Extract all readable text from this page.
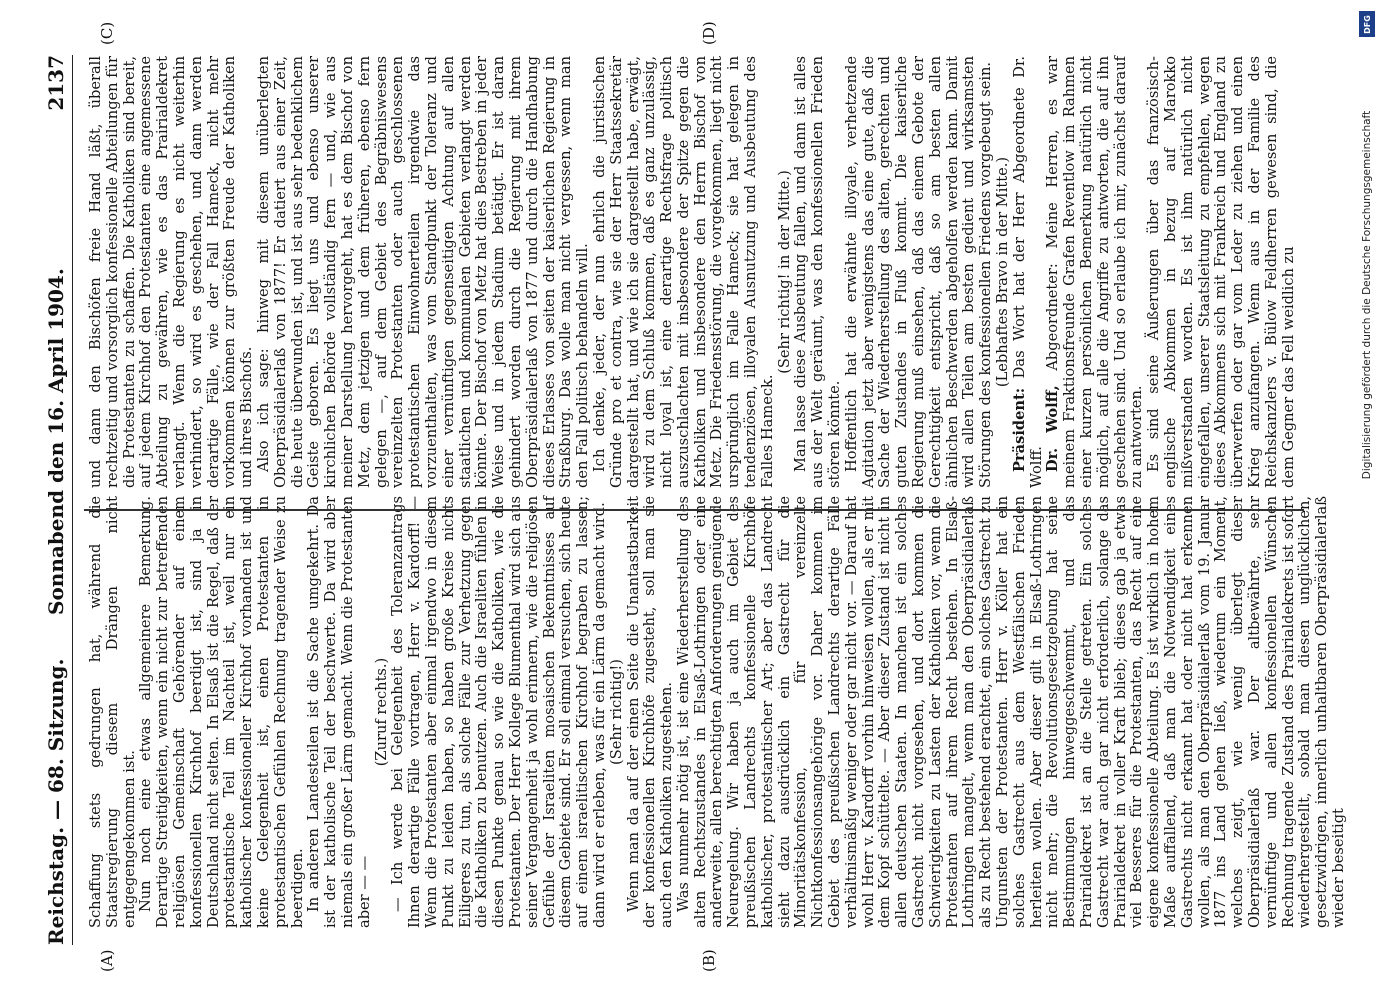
Reichstag. — 68. Sitzung.
Sonnabend den 16. April 1904.
2137
(A)	(B)
(C)	(D)

Schaffung stets gedrungen hat, während die Staatsregierung diesem Drängen nicht entgegengekommen ist. Nun noch eine etwas allgemeinere Bemerkung. Derartige Streitigkeiten, wenn ein nicht zur betreffenden religiösen Gemeinschaft Gehörender auf einem konfessionellen Kirchhof beerdigt ist, sind ja in Deutschland nicht selten. In Elsaß ist die Regel, daß der protestantische Teil im Nachteil ist, weil nur ein katholischer konfessioneller Kirchhof vorhanden ist und keine Gelegenheit ist, einen Protestanten in protestantischen Gefühlen Rechnung tragender Weise zu beerdigen. In anderen Landesteilen ist die Sache umgekehrt. Da ist der katholische Teil der beschwerte. Da wird aber niemals ein großer Lärm gemacht. Wenn die Protestanten aber — —

(Zuruf rechts.) — Ich werde bei Gelegenheit des Toleranzantrags Ihnen derartige Fälle vortragen, Herr v. Kardorff! — Wenn die Protestanten aber einmal irgendwo in diesem Punkt zu leiden haben, so haben große Kreise nichts Eiligeres zu tun, als solche Fälle zur Verhetzung gegen die Katholiken zu benutzen. Auch die Israeliten fühlen in diesen Punkte genau so wie die Katholiken, wie die Protestanten. Der Herr Kollege Blumenthal wird sich aus seiner Vergangenheit ja wohl erinnern, wie die religiösen Gefühle der Israeliten mosaischen Bekenntnisses auf diesem Gebiete sind. Er soll einmal versuchen, sich heute auf einem israelitischen Kirchhof begraben zu lassen; dann wird er erleben, was für ein Lärm da gemacht wird. (Sehr richtig!) Wenn man da auf der einen Seite die Unantastbarkeit der konfessionellen Kirchhöfe zugesteht, soll man sie auch den Katholiken zugestehen. Was nunmehr nötig ist, ist eine Wiederherstellung des alten Rechtszustandes in Elsaß-Lothringen oder eine anderweite, allen berechtigten Anforderungen genügende Neuregelung. Wir haben ja auch im Gebiet des preußischen Landrechts konfessionelle Kirchhöfe katholischer, protestantischer Art; aber das Landrecht sieht dazu ausdrücklich ein Gastrecht für die Minoritätskonfession, für vereinzelte Nichtkonfessionsangehörige vor. Daher kommen im Gebiet des preußischen Landrechts derartige Fälle verhältnismäßig weniger oder gar nicht vor. — Darauf hat wohl Herr v. Kardorff vorhin hinweisen wollen, als er mit dem Kopf schüttelte. — Aber dieser Zustand ist nicht in allen deutschen Staaten. In manchen ist ein solches Gastrecht nicht vorgesehen, und dort kommen die Schwierigkeiten zu Lasten der Katholiken vor, wenn die Protestanten auf ihrem Recht bestehen. In Elsaß-Lothringen mangelt, wenn man den Oberpräsidialerlaß als zu Recht bestehend erachtet, ein solches Gastrecht zu Ungunsten der Protestanten. Herr v. Köller hat ein solches Gastrecht aus dem Westfälischen Frieden herleiten wollen. Aber dieser gilt in Elsaß-Lothringen nicht mehr; die Revolutionsgesetzgebung hat seine Bestimmungen hinweggeschwemmt, und das Prairialdekret ist an die Stelle getreten. Ein solches Gastrecht war auch gar nicht erforderlich, solange das Prairialdekret in voller Kraft blieb; dieses gab ja etwas viel Besseres für die Protestanten, das Recht auf eine eigene konfessionelle Abteilung. Es ist wirklich in hohem Maße auffallend, daß man die Notwendigkeit eines Gastrechts nicht erkannt hat oder nicht hat erkennen wollen, als man den Oberpräsidialerlaß vom 19. Januar 1877 ins Land gehen ließ, wiederum ein Moment, welches zeigt, wie wenig überlegt dieser Oberpräsidialerlaß war. Der altbewährte, sehr vernünftige und allen konfessionellen Wünschen Rechnung tragende Zustand des Prairialdekrets ist sofort wiederhergestellt, sobald man diesen unglücklichen, gesetzwidrigen, innerlich unhaltbaren Oberpräsidialerlaß wieder beseitigt

und dann den Bischöfen freie Hand läßt, überall rechtzeitig und vorsorglich konfessionelle Abteilungen für die Protestanten zu schaffen. Die Katholiken sind bereit, auf jedem Kirchhof den Protestanten eine angemessene Abteilung zu gewähren, wie es das Prairialdekret verlangt. Wenn die Regierung es nicht weiterhin verhindert, so wird es geschehen, und dann werden derartige Fälle, wie der Fall Hameck, nicht mehr vorkommen können zur größten Freude der Katholiken und ihres Bischofs. Also ich sage: hinweg mit diesem unüberlegten Oberpräsidialerlaß von 1877! Er datiert aus einer Zeit, die heute überwunden ist, und ist aus sehr bedenklichem Geiste geboren. Es liegt uns und ebenso unserer kirchlichen Behörde vollständig fern — und, wie aus meiner Darstellung hervorgeht, hat es dem Bischof von Metz, dem jetzigen und dem früheren, ebenso fern gelegen —, auf dem Gebiet des Begräbniswesens vereinzelten Protestanten oder auch geschlossenen protestantischen Einwohnerteilen irgendwie das vorzuenthalten, was vom Standpunkt der Toleranz und einer vernünftigen gegenseitigen Achtung auf allen staatlichen und kommunalen Gebieten verlangt werden könnte. Der Bischof von Metz hat dies Bestreben in jeder Weise und in jedem Stadium betätigt. Er ist daran gehindert worden durch die Regierung mit ihrem Oberpräsidialerlaß von 1877 und durch die Handhabung dieses Erlasses von seiten der kaiserlichen Regierung in Straßburg. Das wolle man nicht vergessen, wenn man den Fall politisch behandeln will. Ich denke, jeder, der nun ehrlich die juristischen Gründe pro et contra, wie sie der Herr Staatssekretär dargestellt hat, und wie ich sie dargestellt habe, erwägt, wird zu dem Schluß kommen, daß es ganz unzulässig, nicht loyal ist, eine derartige Rechtsfrage politisch auszuschlachten mit insbesondere der Spitze gegen die Katholiken und insbesondere den Herrn Bischof von Metz. Die Friedensstörung, die vorgekommen, liegt nicht ursprünglich im Falle Hameck; sie hat gelegen in tendenziösen, illoyalen Ausnutzung und Ausbeutung des Falles Hameck.

(Sehr richtig! in der Mitte.) Man lasse diese Ausbeutung fallen, und dann ist alles aus der Welt geräumt, was den konfessionellen Frieden stören könnte. Hoffentlich hat die erwähnte illoyale, verhetzende Agitation jetzt aber wenigstens das eine gute, daß die Sache der Wiederherstellung des alten, gerechten und guten Zustandes in Fluß kommt. Die kaiserliche Regierung muß einsehen, daß das einem Gebote der Gerechtigkeit entspricht, daß so am besten allen ähnlichen Beschwerden abgeholfen werden kann. Damit wird allen Teilen am besten gedient und wirksamsten Störungen des konfessionellen Friedens vorgebeugt sein. (Lebhaftes Bravo in der Mitte.)

Präsident: Das Wort hat der Herr Abgeordnete Dr. Wolff. Dr. Wolff, Abgeordneter: Meine Herren, es war meinem Fraktionsfreunde Grafen Reventlow im Rahmen einer kurzen persönlichen Bemerkung natürlich nicht möglich, auf alle die Angriffe zu antworten, die auf ihn geschehen sind. Und so erlaube ich mir, zunächst darauf zu antworten. Es sind seine Äußerungen über das französisch-englische Abkommen in bezug auf Marokko mißverstanden worden. Es ist ihm natürlich nicht eingefallen, unserer Staatsleitung zu empfehlen, wegen dieses Abkommens sich mit Frankreich und England zu überwerfen oder gar vom Leder zu ziehen und einen Krieg anzufangen. Wenn aus in der Familie des Reichskanzlers v. Bülow Feldherren gewesen sind, die dem Gegner das Fell weidlich zu

DFG
Digitalisierung gefördert durch die Deutsche Forschungsgemeinschaft
